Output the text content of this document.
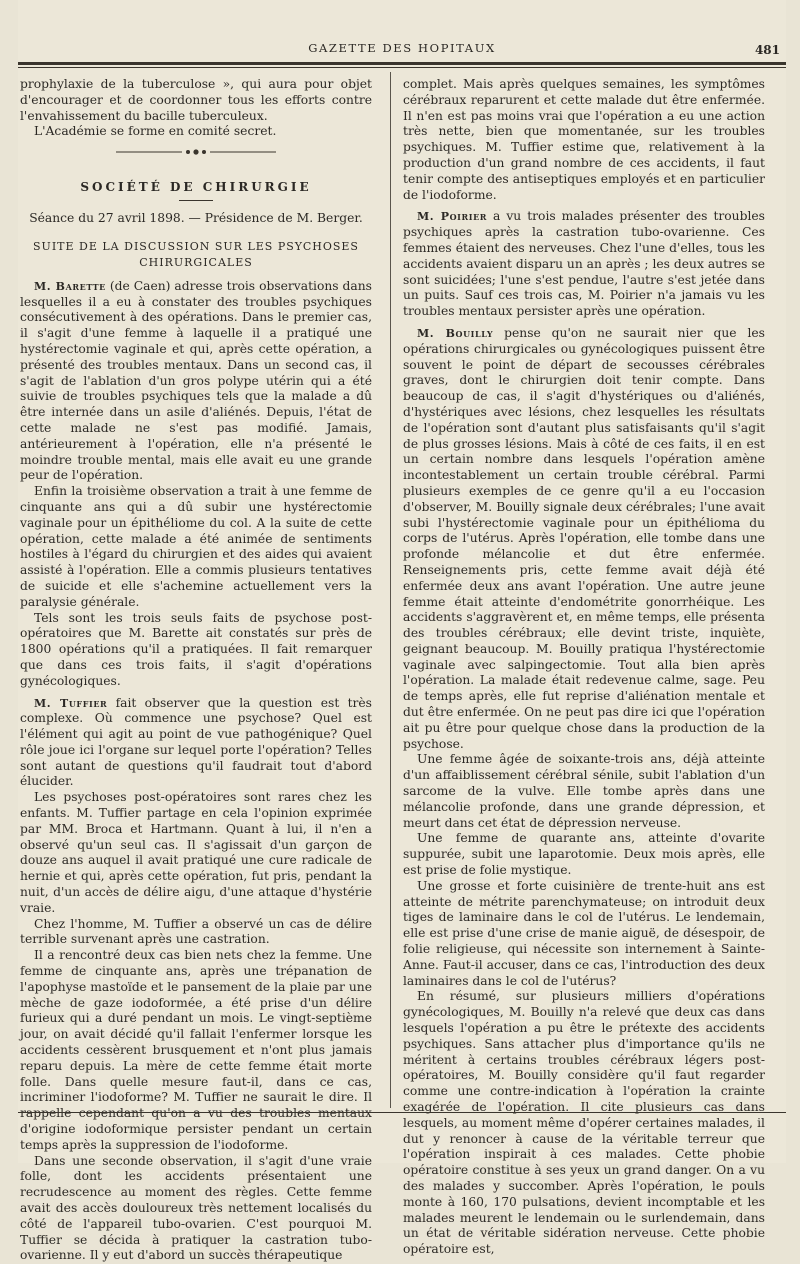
GAZETTE DES HOPITAUX	481

prophylaxie de la tuberculose », qui aura pour objet d'encourager et de coordonner tous les efforts contre l'envahissement du bacille tuberculeux.

L'Académie se forme en comité secret.

SOCIÉTÉ DE CHIRURGIE
Séance du 27 avril 1898. — Présidence de M. Berger.
SUITE DE LA DISCUSSION SUR LES PSYCHOSES CHIRURGICALES

M. Barette (de Caen) adresse trois observations dans lesquelles il a eu à constater des troubles psychiques consécutivement à des opérations. Dans le premier cas, il s'agit d'une femme à laquelle il a pratiqué une hystérectomie vaginale et qui, après cette opération, a présenté des troubles mentaux. Dans un second cas, il s'agit de l'ablation d'un gros polype utérin qui a été suivie de troubles psychiques tels que la malade a dû être internée dans un asile d'aliénés. Depuis, l'état de cette malade ne s'est pas modifié. Jamais, antérieurement à l'opération, elle n'a présenté le moindre trouble mental, mais elle avait eu une grande peur de l'opération.

Enfin la troisième observation a trait à une femme de cinquante ans qui a dû subir une hystérectomie vaginale pour un épithéliome du col. A la suite de cette opération, cette malade a été animée de sentiments hostiles à l'égard du chirurgien et des aides qui avaient assisté à l'opération. Elle a commis plusieurs tentatives de suicide et elle s'achemine actuellement vers la paralysie générale.

Tels sont les trois seuls faits de psychose post-opératoires que M. Barette ait constatés sur près de 1800 opérations qu'il a pratiquées. Il fait remarquer que dans ces trois faits, il s'agit d'opérations gynécologiques.

M. Tuffier fait observer que la question est très complexe. Où commence une psychose? Quel est l'élément qui agit au point de vue pathogénique? Quel rôle joue ici l'organe sur lequel porte l'opération? Telles sont autant de questions qu'il faudrait tout d'abord élucider.

Les psychoses post-opératoires sont rares chez les enfants. M. Tuffier partage en cela l'opinion exprimée par MM. Broca et Hartmann. Quant à lui, il n'en a observé qu'un seul cas. Il s'agissait d'un garçon de douze ans auquel il avait pratiqué une cure radicale de hernie et qui, après cette opération, fut pris, pendant la nuit, d'un accès de délire aigu, d'une attaque d'hystérie vraie.

Chez l'homme, M. Tuffier a observé un cas de délire terrible survenant après une castration.

Il a rencontré deux cas bien nets chez la femme. Une femme de cinquante ans, après une trépanation de l'apophyse mastoïde et le pansement de la plaie par une mèche de gaze iodoformée, a été prise d'un délire furieux qui a duré pendant un mois. Le vingt-septième jour, on avait décidé qu'il fallait l'enfermer lorsque les accidents cessèrent brusquement et n'ont plus jamais reparu depuis. La mère de cette femme était morte folle. Dans quelle mesure faut-il, dans ce cas, incriminer l'iodoforme? M. Tuffier ne saurait le dire. Il rappelle cependant qu'on a vu des troubles mentaux d'origine iodoformique persister pendant un certain temps après la suppression de l'iodoforme.

Dans une seconde observation, il s'agit d'une vraie folle, dont les accidents présentaient une recrudescence au moment des règles. Cette femme avait des accès douloureux très nettement localisés du côté de l'appareil tubo-ovarien. C'est pourquoi M. Tuffier se décida à pratiquer la castration tubo-ovarienne. Il y eut d'abord un succès thérapeutique

complet. Mais après quelques semaines, les symptômes cérébraux reparurent et cette malade dut être enfermée. Il n'en est pas moins vrai que l'opération a eu une action très nette, bien que momentanée, sur les troubles psychiques. M. Tuffier estime que, relativement à la production d'un grand nombre de ces accidents, il faut tenir compte des antiseptiques employés et en particulier de l'iodoforme.

M. Poirier a vu trois malades présenter des troubles psychiques après la castration tubo-ovarienne. Ces femmes étaient des nerveuses. Chez l'une d'elles, tous les accidents avaient disparu un an après ; les deux autres se sont suicidées; l'une s'est pendue, l'autre s'est jetée dans un puits. Sauf ces trois cas, M. Poirier n'a jamais vu les troubles mentaux persister après une opération.

M. Bouilly pense qu'on ne saurait nier que les opérations chirurgicales ou gynécologiques puissent être souvent le point de départ de secousses cérébrales graves, dont le chirurgien doit tenir compte. Dans beaucoup de cas, il s'agit d'hystériques ou d'aliénés, d'hystériques avec lésions, chez lesquelles les résultats de l'opération sont d'autant plus satisfaisants qu'il s'agit de plus grosses lésions. Mais à côté de ces faits, il en est un certain nombre dans lesquels l'opération amène incontestablement un certain trouble cérébral. Parmi plusieurs exemples de ce genre qu'il a eu l'occasion d'observer, M. Bouilly signale deux cérébrales; l'une avait subi l'hystérectomie vaginale pour un épithélioma du corps de l'utérus. Après l'opération, elle tombe dans une profonde mélancolie et dut être enfermée. Renseignements pris, cette femme avait déjà été enfermée deux ans avant l'opération. Une autre jeune femme était atteinte d'endométrite gonorrhéique. Les accidents s'aggravèrent et, en même temps, elle présenta des troubles cérébraux; elle devint triste, inquiète, geignant beaucoup. M. Bouilly pratiqua l'hystérectomie vaginale avec salpingectomie. Tout alla bien après l'opération. La malade était redevenue calme, sage. Peu de temps après, elle fut reprise d'aliénation mentale et dut être enfermée. On ne peut pas dire ici que l'opération ait pu être pour quelque chose dans la production de la psychose.

Une femme âgée de soixante-trois ans, déjà atteinte d'un affaiblissement cérébral sénile, subit l'ablation d'un sarcome de la vulve. Elle tombe après dans une mélancolie profonde, dans une grande dépression, et meurt dans cet état de dépression nerveuse.

Une femme de quarante ans, atteinte d'ovarite suppurée, subit une laparotomie. Deux mois après, elle est prise de folie mystique.

Une grosse et forte cuisinière de trente-huit ans est atteinte de métrite parenchymateuse; on introduit deux tiges de laminaire dans le col de l'utérus. Le lendemain, elle est prise d'une crise de manie aiguë, de désespoir, de folie religieuse, qui nécessite son internement à Sainte-Anne. Faut-il accuser, dans ce cas, l'introduction des deux laminaires dans le col de l'utérus?

En résumé, sur plusieurs milliers d'opérations gynécologiques, M. Bouilly n'a relevé que deux cas dans lesquels l'opération a pu être le prétexte des accidents psychiques. Sans attacher plus d'importance qu'ils ne méritent à certains troubles cérébraux légers post-opératoires, M. Bouilly considère qu'il faut regarder comme une contre-indication à l'opération la crainte exagérée de l'opération. Il cite plusieurs cas dans lesquels, au moment même d'opérer certaines malades, il dut y renoncer à cause de la véritable terreur que l'opération inspirait à ces malades. Cette phobie opératoire constitue à ses yeux un grand danger. On a vu des malades y succomber. Après l'opération, le pouls monte à 160, 170 pulsations, devient incomptable et les malades meurent le lendemain ou le surlendemain, dans un état de véritable sidération nerveuse. Cette phobie opératoire est,
